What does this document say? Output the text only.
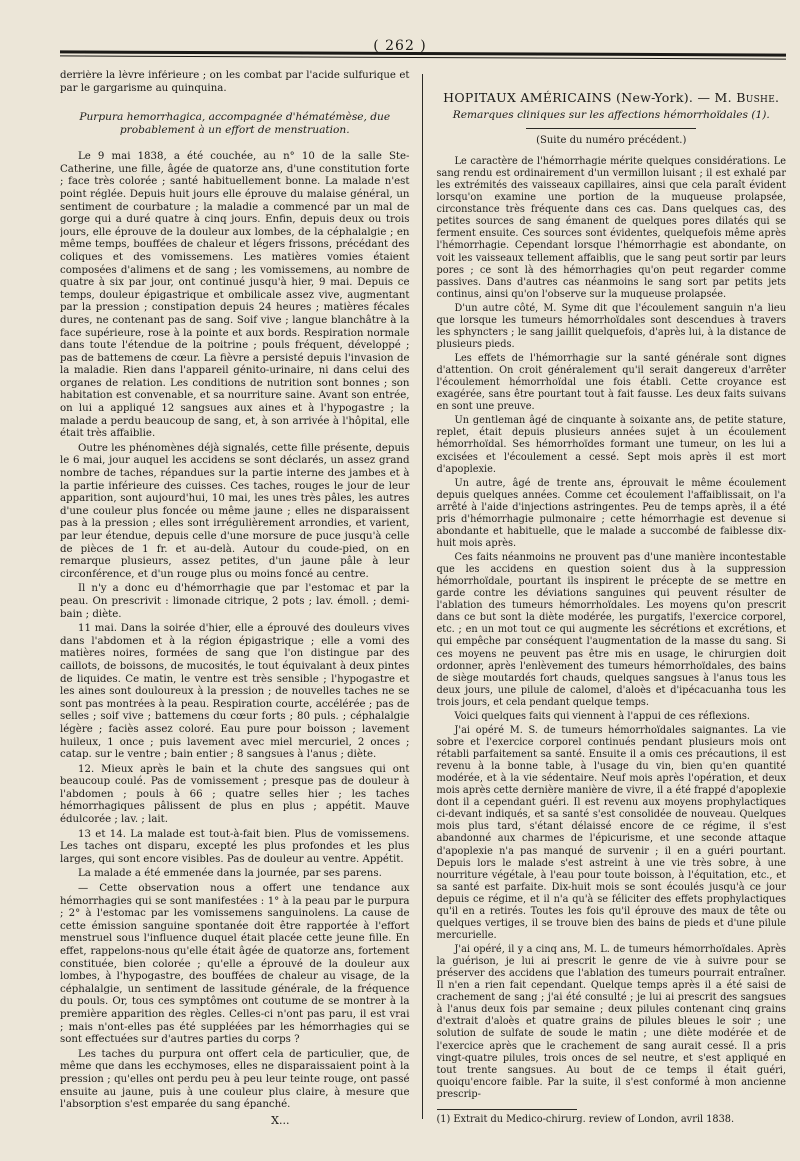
( 262 )

derrière la lèvre inférieure ; on les combat par l'acide sulfurique et par le gargarisme au quinquina.

Purpura hemorrhagica, accompagnée d'hématémèse, due probablement à un effort de menstruation.

Le 9 mai 1838, a été couchée, au n° 10 de la salle Ste-Catherine, une fille, âgée de quatorze ans, d'une constitution forte ; face très colorée ; santé habituellement bonne. La malade n'est point réglée. Depuis huit jours elle éprouve du malaise général, un sentiment de courbature ; la maladie a commencé par un mal de gorge qui a duré quatre à cinq jours. Enfin, depuis deux ou trois jours, elle éprouve de la douleur aux lombes, de la céphalalgie ; en même temps, bouffées de chaleur et légers frissons, précédant des coliques et des vomissemens. Les matières vomies étaient composées d'alimens et de sang ; les vomissemens, au nombre de quatre à six par jour, ont continué jusqu'à hier, 9 mai. Depuis ce temps, douleur épigastrique et ombilicale assez vive, augmentant par la pression ; constipation depuis 24 heures ; matières fécales dures, ne contenant pas de sang. Soif vive ; langue blanchâtre à la face supérieure, rose à la pointe et aux bords. Respiration normale dans toute l'étendue de la poitrine ; pouls fréquent, développé ; pas de battemens de cœur. La fièvre a persisté depuis l'invasion de la maladie. Rien dans l'appareil génito-urinaire, ni dans celui des organes de relation. Les conditions de nutrition sont bonnes ; son habitation est convenable, et sa nourriture saine. Avant son entrée, on lui a appliqué 12 sangsues aux aines et à l'hypogastre ; la malade a perdu beaucoup de sang, et, à son arrivée à l'hôpital, elle était très affaiblie.

Outre les phénomènes déjà signalés, cette fille présente, depuis le 6 mai, jour auquel les accidens se sont déclarés, un assez grand nombre de taches, répandues sur la partie interne des jambes et à la partie inférieure des cuisses. Ces taches, rouges le jour de leur apparition, sont aujourd'hui, 10 mai, les unes très pâles, les autres d'une couleur plus foncée ou même jaune ; elles ne disparaissent pas à la pression ; elles sont irrégulièrement arrondies, et varient, par leur étendue, depuis celle d'une morsure de puce jusqu'à celle de pièces de 1 fr. et au-delà. Autour du coude-pied, on en remarque plusieurs, assez petites, d'un jaune pâle à leur circonférence, et d'un rouge plus ou moins foncé au centre.

Il n'y a donc eu d'hémorrhagie que par l'estomac et par la peau. On prescrivit : limonade citrique, 2 pots ; lav. émoll. ; demi-bain ; diète.

11 mai. Dans la soirée d'hier, elle a éprouvé des douleurs vives dans l'abdomen et à la région épigastrique ; elle a vomi des matières noires, formées de sang que l'on distingue par des caillots, de boissons, de mucosités, le tout équivalant à deux pintes de liquides. Ce matin, le ventre est très sensible ; l'hypogastre et les aines sont douloureux à la pression ; de nouvelles taches ne se sont pas montrées à la peau. Respiration courte, accélérée ; pas de selles ; soif vive ; battemens du cœur forts ; 80 puls. ; céphalalgie légère ; faciès assez coloré. Eau pure pour boisson ; lavement huileux, 1 once ; puis lavement avec miel mercuriel, 2 onces ; catap. sur le ventre ; bain entier ; 8 sangsues à l'anus ; diète.

12. Mieux après le bain et la chute des sangsues qui ont beaucoup coulé. Pas de vomissement ; presque pas de douleur à l'abdomen ; pouls à 66 ; quatre selles hier ; les taches hémorrhagiques pâlissent de plus en plus ; appétit. Mauve édulcorée ; lav. ; lait.

13 et 14. La malade est tout-à-fait bien. Plus de vomissemens. Les taches ont disparu, excepté les plus profondes et les plus larges, qui sont encore visibles. Pas de douleur au ventre. Appétit.

La malade a été emmenée dans la journée, par ses parens.

— Cette observation nous a offert une tendance aux hémorrhagies qui se sont manifestées : 1° à la peau par le purpura ; 2° à l'estomac par les vomissemens sanguinolens. La cause de cette émission sanguine spontanée doit être rapportée à l'effort menstruel sous l'influence duquel était placée cette jeune fille. En effet, rappelons-nous qu'elle était âgée de quatorze ans, fortement constituée, bien colorée ; qu'elle a éprouvé de la douleur aux lombes, à l'hypogastre, des bouffées de chaleur au visage, de la céphalalgie, un sentiment de lassitude générale, de la fréquence du pouls. Or, tous ces symptômes ont coutume de se montrer à la première apparition des règles. Celles-ci n'ont pas paru, il est vrai ; mais n'ont-elles pas été suppléées par les hémorrhagies qui se sont effectuées sur d'autres parties du corps ?

Les taches du purpura ont offert cela de particulier, que, de même que dans les ecchymoses, elles ne disparaissaient point à la pression ; qu'elles ont perdu peu à peu leur teinte rouge, ont passé ensuite au jaune, puis à une couleur plus claire, à mesure que l'absorption s'est emparée du sang épanché.

X...
HOPITAUX AMÉRICAINS (New-York). — M. Bushe.
Remarques cliniques sur les affections hémorrhoïdales (1).
(Suite du numéro précédent.)

Le caractère de l'hémorrhagie mérite quelques considérations. Le sang rendu est ordinairement d'un vermillon luisant ; il est exhalé par les extrémités des vaisseaux capillaires, ainsi que cela paraît évident lorsqu'on examine une portion de la muqueuse prolapsée, circonstance très fréquente dans ces cas. Dans quelques cas, des petites sources de sang émanent de quelques pores dilatés qui se ferment ensuite. Ces sources sont évidentes, quelquefois même après l'hémorrhagie. Cependant lorsque l'hémorrhagie est abondante, on voit les vaisseaux tellement affaiblis, que le sang peut sortir par leurs pores ; ce sont là des hémorrhagies qu'on peut regarder comme passives. Dans d'autres cas néanmoins le sang sort par petits jets continus, ainsi qu'on l'observe sur la muqueuse prolapsée.

D'un autre côté, M. Syme dit que l'écoulement sanguin n'a lieu que lorsque les tumeurs hémorrhoïdales sont descendues à travers les sphyncters ; le sang jaillit quelquefois, d'après lui, à la distance de plusieurs pieds.

Les effets de l'hémorrhagie sur la santé générale sont dignes d'attention. On croit généralement qu'il serait dangereux d'arrêter l'écoulement hémorrhoïdal une fois établi. Cette croyance est exagérée, sans être pourtant tout à fait fausse. Les deux faits suivans en sont une preuve.

Un gentleman âgé de cinquante à soixante ans, de petite stature, replet, était depuis plusieurs années sujet à un écoulement hémorrhoïdal. Ses hémorrhoïdes formant une tumeur, on les lui a excisées et l'écoulement a cessé. Sept mois après il est mort d'apoplexie.

Un autre, âgé de trente ans, éprouvait le même écoulement depuis quelques années. Comme cet écoulement l'affaiblissait, on l'a arrêté à l'aide d'injections astringentes. Peu de temps après, il a été pris d'hémorrhagie pulmonaire ; cette hémorrhagie est devenue si abondante et habituelle, que le malade a succombé de faiblesse dix-huit mois après.

Ces faits néanmoins ne prouvent pas d'une manière incontestable que les accidens en question soient dus à la suppression hémorrhoïdale, pourtant ils inspirent le précepte de se mettre en garde contre les déviations sanguines qui peuvent résulter de l'ablation des tumeurs hémorrhoïdales. Les moyens qu'on prescrit dans ce but sont la diète modérée, les purgatifs, l'exercice corporel, etc. ; en un mot tout ce qui augmente les sécrétions et excrétions, et qui empêche par conséquent l'augmentation de la masse du sang. Si ces moyens ne peuvent pas être mis en usage, le chirurgien doit ordonner, après l'enlèvement des tumeurs hémorrhoïdales, des bains de siège moutardés fort chauds, quelques sangsues à l'anus tous les deux jours, une pilule de calomel, d'aloès et d'ipécacuanha tous les trois jours, et cela pendant quelque temps.

Voici quelques faits qui viennent à l'appui de ces réflexions.

J'ai opéré M. S. de tumeurs hémorrhoïdales saignantes. La vie sobre et l'exercice corporel continués pendant plusieurs mois ont rétabli parfaitement sa santé. Ensuite il a omis ces précautions, il est revenu à la bonne table, à l'usage du vin, bien qu'en quantité modérée, et à la vie sédentaire. Neuf mois après l'opération, et deux mois après cette dernière manière de vivre, il a été frappé d'apoplexie dont il a cependant guéri. Il est revenu aux moyens prophylactiques ci-devant indiqués, et sa santé s'est consolidée de nouveau. Quelques mois plus tard, s'étant délaissé encore de ce régime, il s'est abandonné aux charmes de l'épicurisme, et une seconde attaque d'apoplexie n'a pas manqué de survenir ; il en a guéri pourtant. Depuis lors le malade s'est astreint à une vie très sobre, à une nourriture végétale, à l'eau pour toute boisson, à l'équitation, etc., et sa santé est parfaite. Dix-huit mois se sont écoulés jusqu'à ce jour depuis ce régime, et il n'a qu'à se féliciter des effets prophylactiques qu'il en a retirés. Toutes les fois qu'il éprouve des maux de tête ou quelques vertiges, il se trouve bien des bains de pieds et d'une pilule mercurielle.

J'ai opéré, il y a cinq ans, M. L. de tumeurs hémorrhoïdales. Après la guérison, je lui ai prescrit le genre de vie à suivre pour se préserver des accidens que l'ablation des tumeurs pourrait entraîner. Il n'en a rien fait cependant. Quelque temps après il a été saisi de crachement de sang ; j'ai été consulté ; je lui ai prescrit des sangsues à l'anus deux fois par semaine ; deux pilules contenant cinq grains d'extrait d'aloès et quatre grains de pilules bleues le soir ; une solution de sulfate de soude le matin ; une diète modérée et de l'exercice après que le crachement de sang aurait cessé. Il a pris vingt-quatre pilules, trois onces de sel neutre, et s'est appliqué en tout trente sangsues. Au bout de ce temps il était guéri, quoiqu'encore faible. Par la suite, il s'est conformé à mon ancienne prescrip-

(1) Extrait du Medico-chirurg. review of London, avril 1838.
